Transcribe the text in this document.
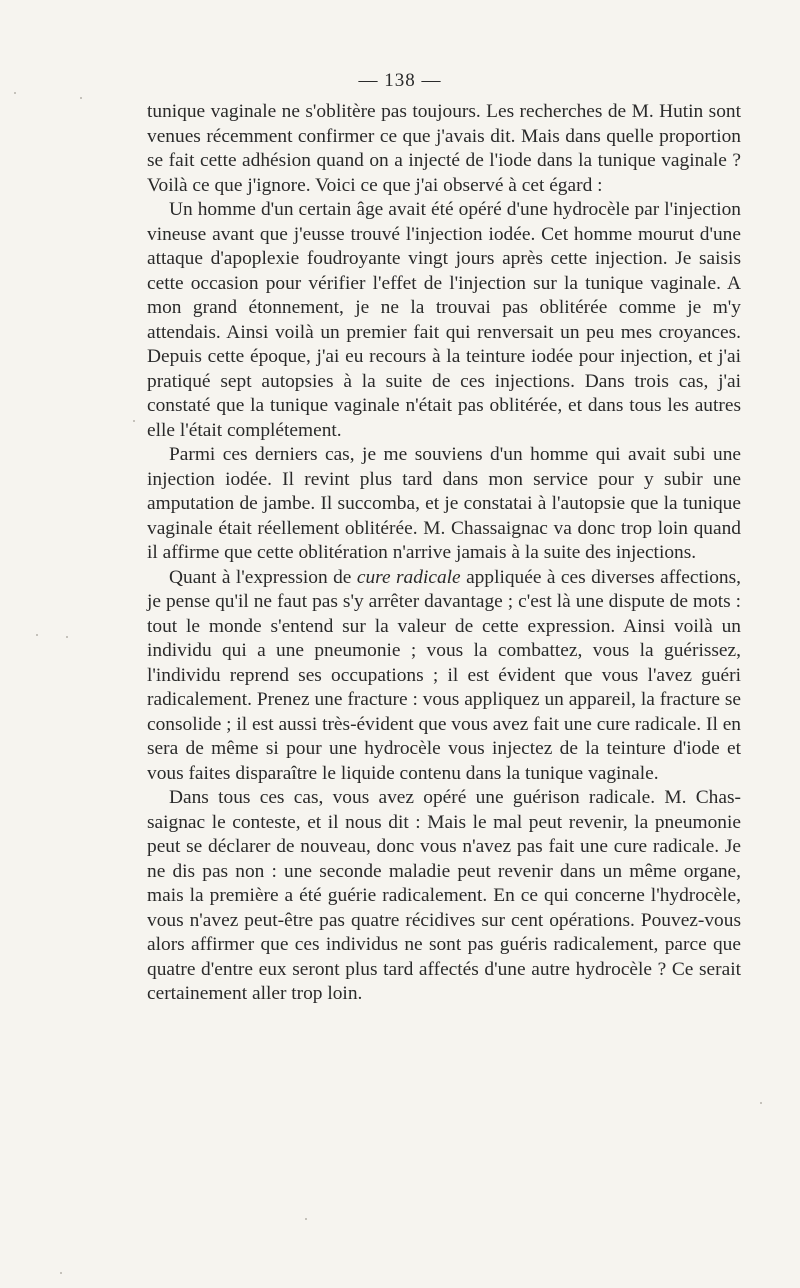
— 138 —

tunique vaginale ne s'oblitère pas toujours. Les recherches de M. Hutin sont venues récemment confirmer ce que j'avais dit. Mais dans quelle proportion se fait cette adhésion quand on a injecté de l'iode dans la tunique vaginale ? Voilà ce que j'ignore. Voici ce que j'ai observé à cet égard :

Un homme d'un certain âge avait été opéré d'une hydrocèle par l'injection vineuse avant que j'eusse trouvé l'injection iodée. Cet homme mourut d'une attaque d'apoplexie foudroyante vingt jours après cette injection. Je saisis cette occasion pour vérifier l'effet de l'injection sur la tunique vaginale. A mon grand étonnement, je ne la trouvai pas oblitérée comme je m'y attendais. Ainsi voilà un premier fait qui renversait un peu mes croyances. Depuis cette époque, j'ai eu recours à la teinture iodée pour injection, et j'ai pratiqué sept autopsies à la suite de ces injections. Dans trois cas, j'ai constaté que la tunique vaginale n'était pas oblitérée, et dans tous les autres elle l'était complétement.

Parmi ces derniers cas, je me souviens d'un homme qui avait subi une injection iodée. Il revint plus tard dans mon service pour y subir une amputation de jambe. Il succomba, et je constatai à l'autopsie que la tunique vaginale était réellement oblitérée. M. Chassaignac va donc trop loin quand il affirme que cette oblitération n'arrive jamais à la suite des injections.

Quant à l'expression de cure radicale appliquée à ces diverses affections, je pense qu'il ne faut pas s'y arrêter davantage ; c'est là une dispute de mots : tout le monde s'entend sur la valeur de cette expression. Ainsi voilà un individu qui a une pneumonie ; vous la combattez, vous la guérissez, l'individu reprend ses occupations ; il est évident que vous l'avez guéri radicalement. Prenez une fracture : vous appliquez un appareil, la fracture se consolide ; il est aussi très-évident que vous avez fait une cure radicale. Il en sera de même si pour une hydrocèle vous injectez de la teinture d'iode et vous faites disparaître le liquide contenu dans la tunique vaginale.

Dans tous ces cas, vous avez opéré une guérison radicale. M. Chassaignac le conteste, et il nous dit : Mais le mal peut revenir, la pneumonie peut se déclarer de nouveau, donc vous n'avez pas fait une cure radicale. Je ne dis pas non : une seconde maladie peut revenir dans un même organe, mais la première a été guérie radicalement. En ce qui concerne l'hydrocèle, vous n'avez peut-être pas quatre récidives sur cent opérations. Pouvez-vous alors affirmer que ces individus ne sont pas guéris radicalement, parce que quatre d'entre eux seront plus tard affectés d'une autre hydrocèle ? Ce serait certainement aller trop loin.
